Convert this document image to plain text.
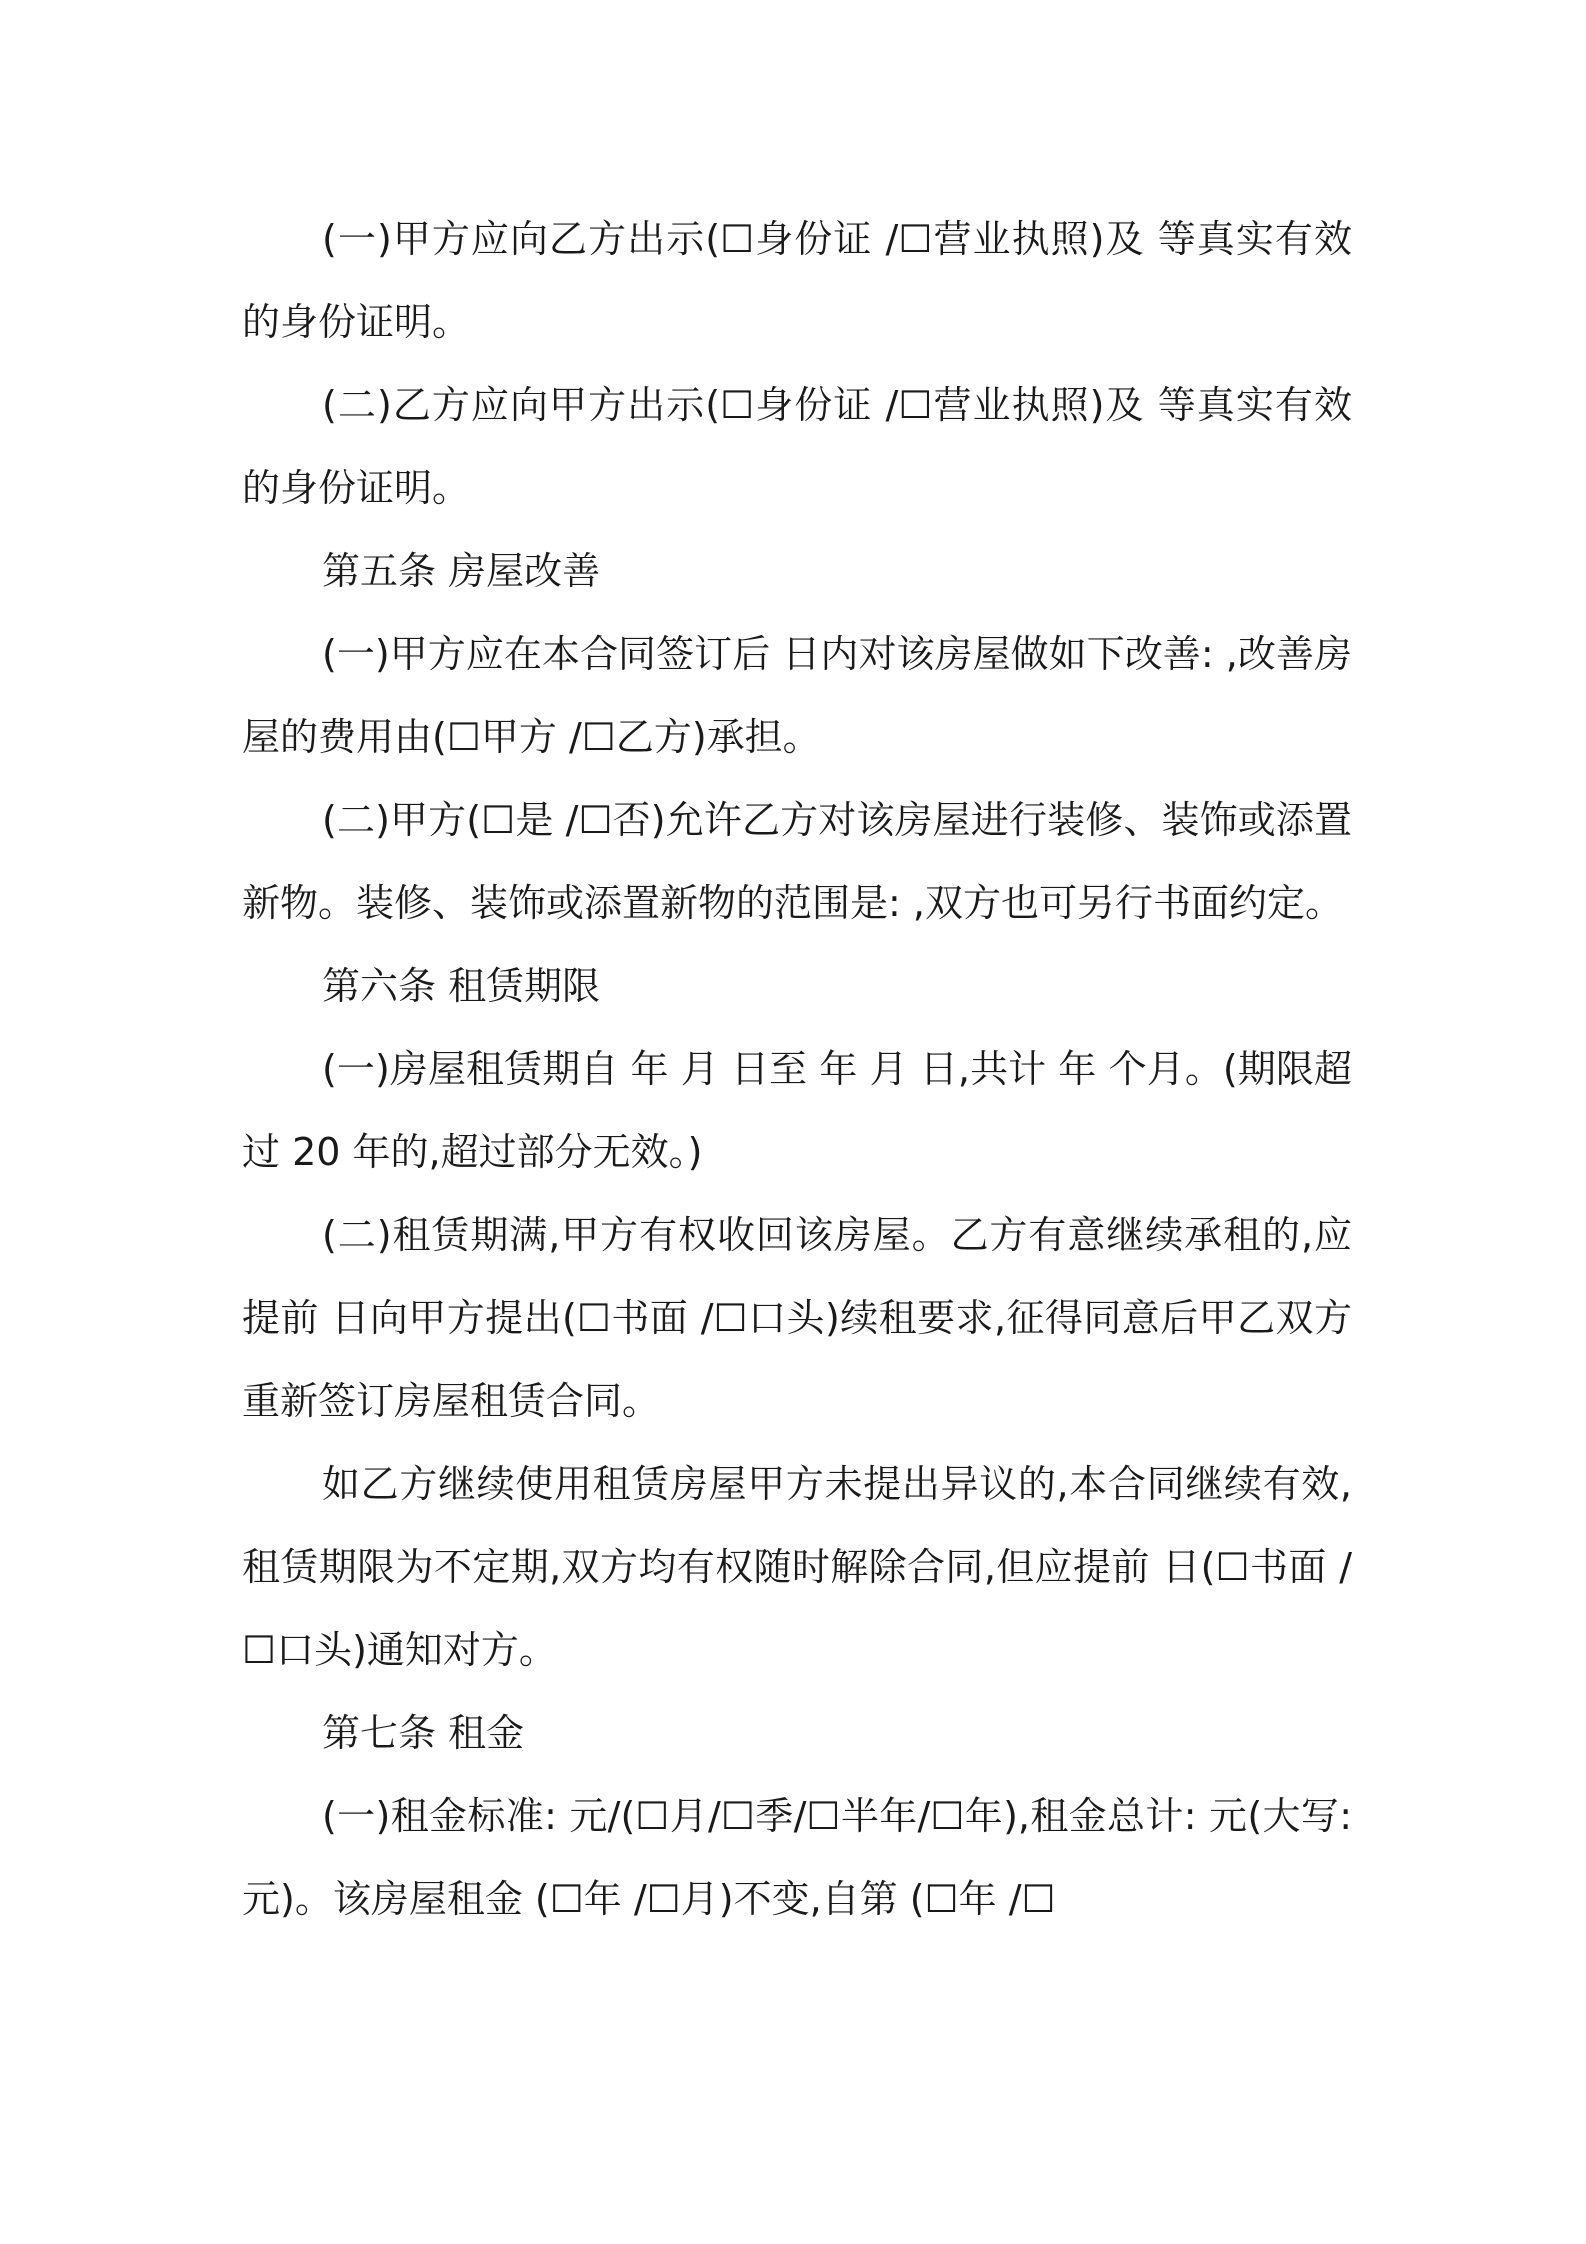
(一)甲方应向乙方出示(☐身份证 /☐营业执照)及 等真实有效的身份证明。

(二)乙方应向甲方出示(☐身份证 /☐营业执照)及 等真实有效的身份证明。

第五条 房屋改善

(一)甲方应在本合同签订后 日内对该房屋做如下改善: ,改善房屋的费用由(☐甲方 /☐乙方)承担。

(二)甲方(☐是 /☐否)允许乙方对该房屋进行装修、装饰或添置新物。装修、装饰或添置新物的范围是: ,双方也可另行书面约定。

第六条 租赁期限

(一)房屋租赁期自 年 月 日至 年 月 日,共计 年 个月。(期限超过 20 年的,超过部分无效。)

(二)租赁期满,甲方有权收回该房屋。乙方有意继续承租的,应提前 日向甲方提出(☐书面 /☐口头)续租要求,征得同意后甲乙双方重新签订房屋租赁合同。

如乙方继续使用租赁房屋甲方未提出异议的,本合同继续有效,租赁期限为不定期,双方均有权随时解除合同,但应提前 日(☐书面 /☐口头)通知对方。

第七条 租金

(一)租金标准: 元/(☐月/☐季/☐半年/☐年),租金总计: 元(大写: 元)。该房屋租金 (☐年 /☐月)不变,自第 (☐年 /☐
